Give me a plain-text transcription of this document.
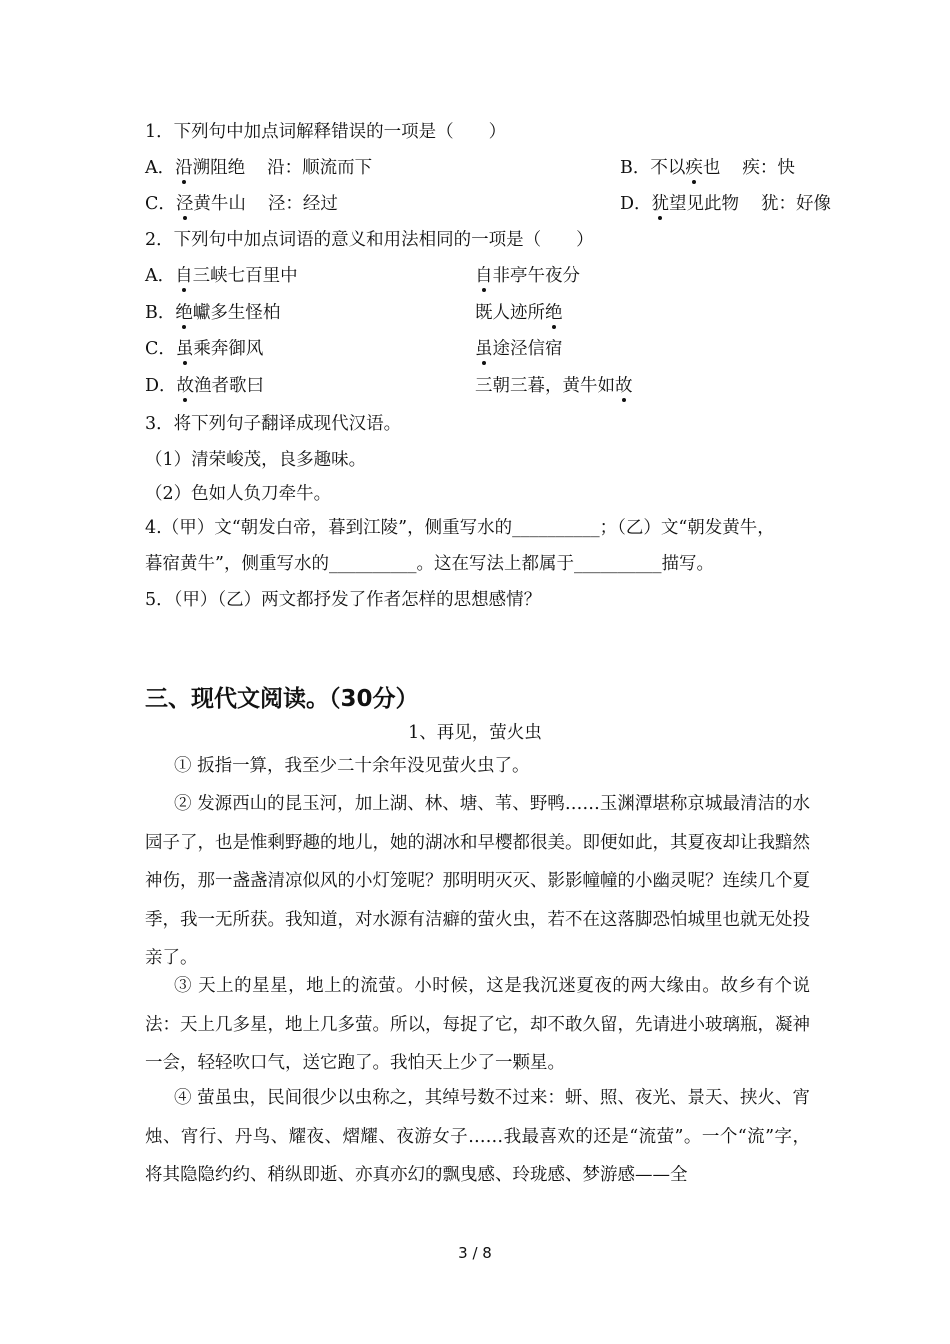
1．下列句中加点词解释错误的一项是（　　）
A．沿溯阻绝 沿：顺流而下	B．不以疾也 疾：快
C．泾黄牛山 泾：经过	D．犹望见此物 犹：好像
2．下列句中加点词语的意义和用法相同的一项是（　　）
A．自三峡七百里中	自非亭午夜分
B．绝巘多生怪柏	既人迹所绝
C．虽乘奔御风	虽途泾信宿
D．故渔者歌曰	三朝三暮，黄牛如故
3．将下列句子翻译成现代汉语。
（1）清荣峻茂，良多趣味。
（2）色如人负刀牵牛。
4.（甲）文“朝发白帝，暮到江陵”，侧重写水的__________；（乙）文“朝发黄牛，
暮宿黄牛”，侧重写水的__________。这在写法上都属于__________描写。
5．（甲）（乙）两文都抒发了作者怎样的思想感情？
三、现代文阅读。（30分）
1、再见，萤火虫
① 扳指一算，我至少二十余年没见萤火虫了。
② 发源西山的昆玉河，加上湖、林、塘、苇、野鸭……玉渊潭堪称京城最清洁的水园子了，也是惟剩野趣的地儿，她的湖冰和早樱都很美。即便如此，其夏夜却让我黯然神伤，那一盏盏清凉似风的小灯笼呢？那明明灭灭、影影幢幢的小幽灵呢？连续几个夏季，我一无所获。我知道，对水源有洁癖的萤火虫，若不在这落脚恐怕城里也就无处投亲了。
③ 天上的星星，地上的流萤。小时候，这是我沉迷夏夜的两大缘由。故乡有个说法：天上几多星，地上几多萤。所以，每捉了它，却不敢久留，先请进小玻璃瓶，凝神一会，轻轻吹口气，送它跑了。我怕天上少了一颗星。
④ 萤虽虫，民间很少以虫称之，其绰号数不过来：蚈、照、夜光、景天、挟火、宵烛、宵行、丹鸟、耀夜、熠耀、夜游女子……我最喜欢的还是“流萤”。一个“流”字，将其隐隐约约、稍纵即逝、亦真亦幻的飘曳感、玲珑感、梦游感——全
3 / 8
